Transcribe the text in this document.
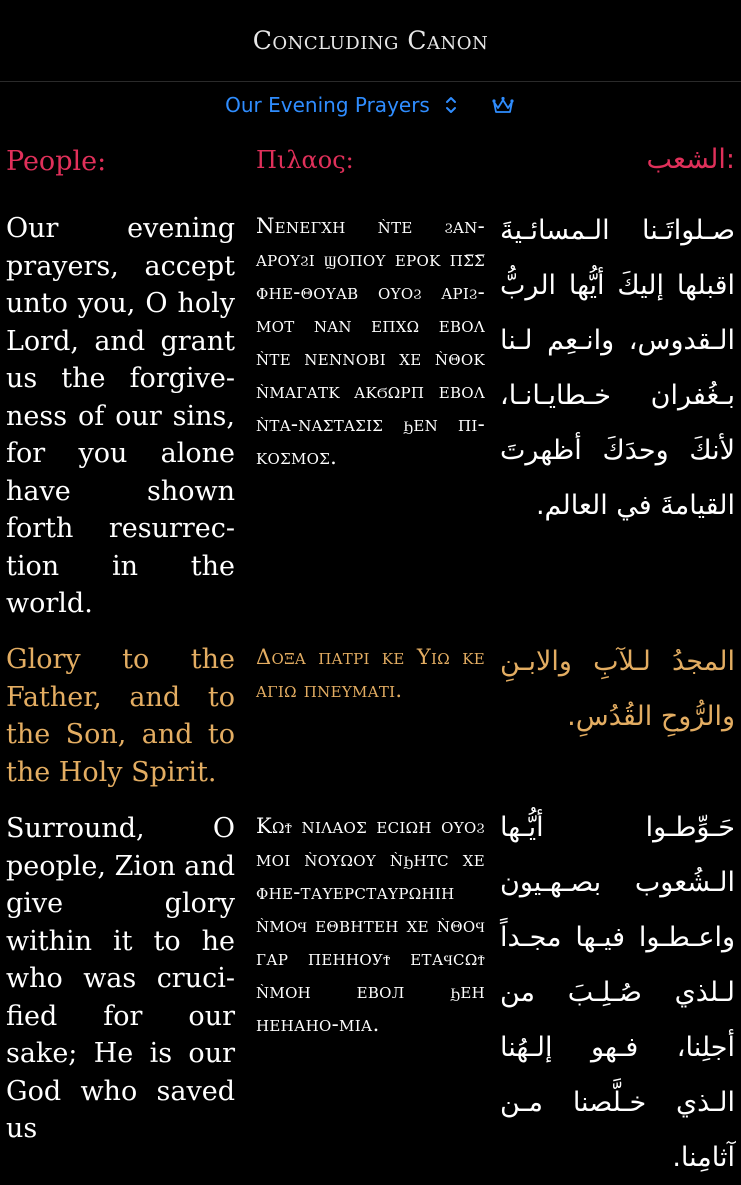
Concluding Canon
Our Evening Prayers
People:	Πιλαος:	:الشعب
Our evening prayers, accept unto you, O holy Lord, and grant us the forgive-ness of our sins, for you alone have shown forth resurrec-tion in the world.
Νενεγχη ǹτε ϩαν-αρουϩι ϣοπου ερoκ πσ̅ς̅ φηε-θουαβ ουοϩ αριϩ-μοτ ναν επχω εβολ ǹτε νεννοβι χε ǹθοκ ǹμαγατκ ακϭωρπ εβολ ǹτα-ναστασις ϧεν πι-κοσμος.
صـلواتَـنا الـمسائـيةَ اقبلها إليكَ أيُّها الربُّ الـقدوس، وانـعِم لـنا بـغُفران خـطايـانـا، لأنكَ وحدَكَ أظهرتَ القيامةَ في العالم.
Glory to the Father, and to the Son, and to the Holy Spirit.
Δοξα πατρι κε Υιω κε αγιω πνευματι.
المجدُ لـلآبِ والابـنِ والرُّوحِ القُدُسِ.
Surround, O people, Zion and give glory within it to he who was cruci-fied for our sake; He is our God who saved us
Κωϯ νιλαος εсιωн ουοϩ μοι ǹουωου ǹϧнтс χε φнε-таυεрстаυрωнιн ǹμοϥ εθвнтεн χε ǹθοϥ гар пεнноуϯ εтаϥсωϯ ǹмон εвол ϧεн нεнано-міа.
حَـوِّطـوا أيُّـها الـشُعوب بصـهـيون واعـطـوا فيـها مجـداً لـلذي صُـلِـبَ من أجلِنا، فـهو إلـهُنا الـذي خـلَّصنا مـن آثامِنا.
